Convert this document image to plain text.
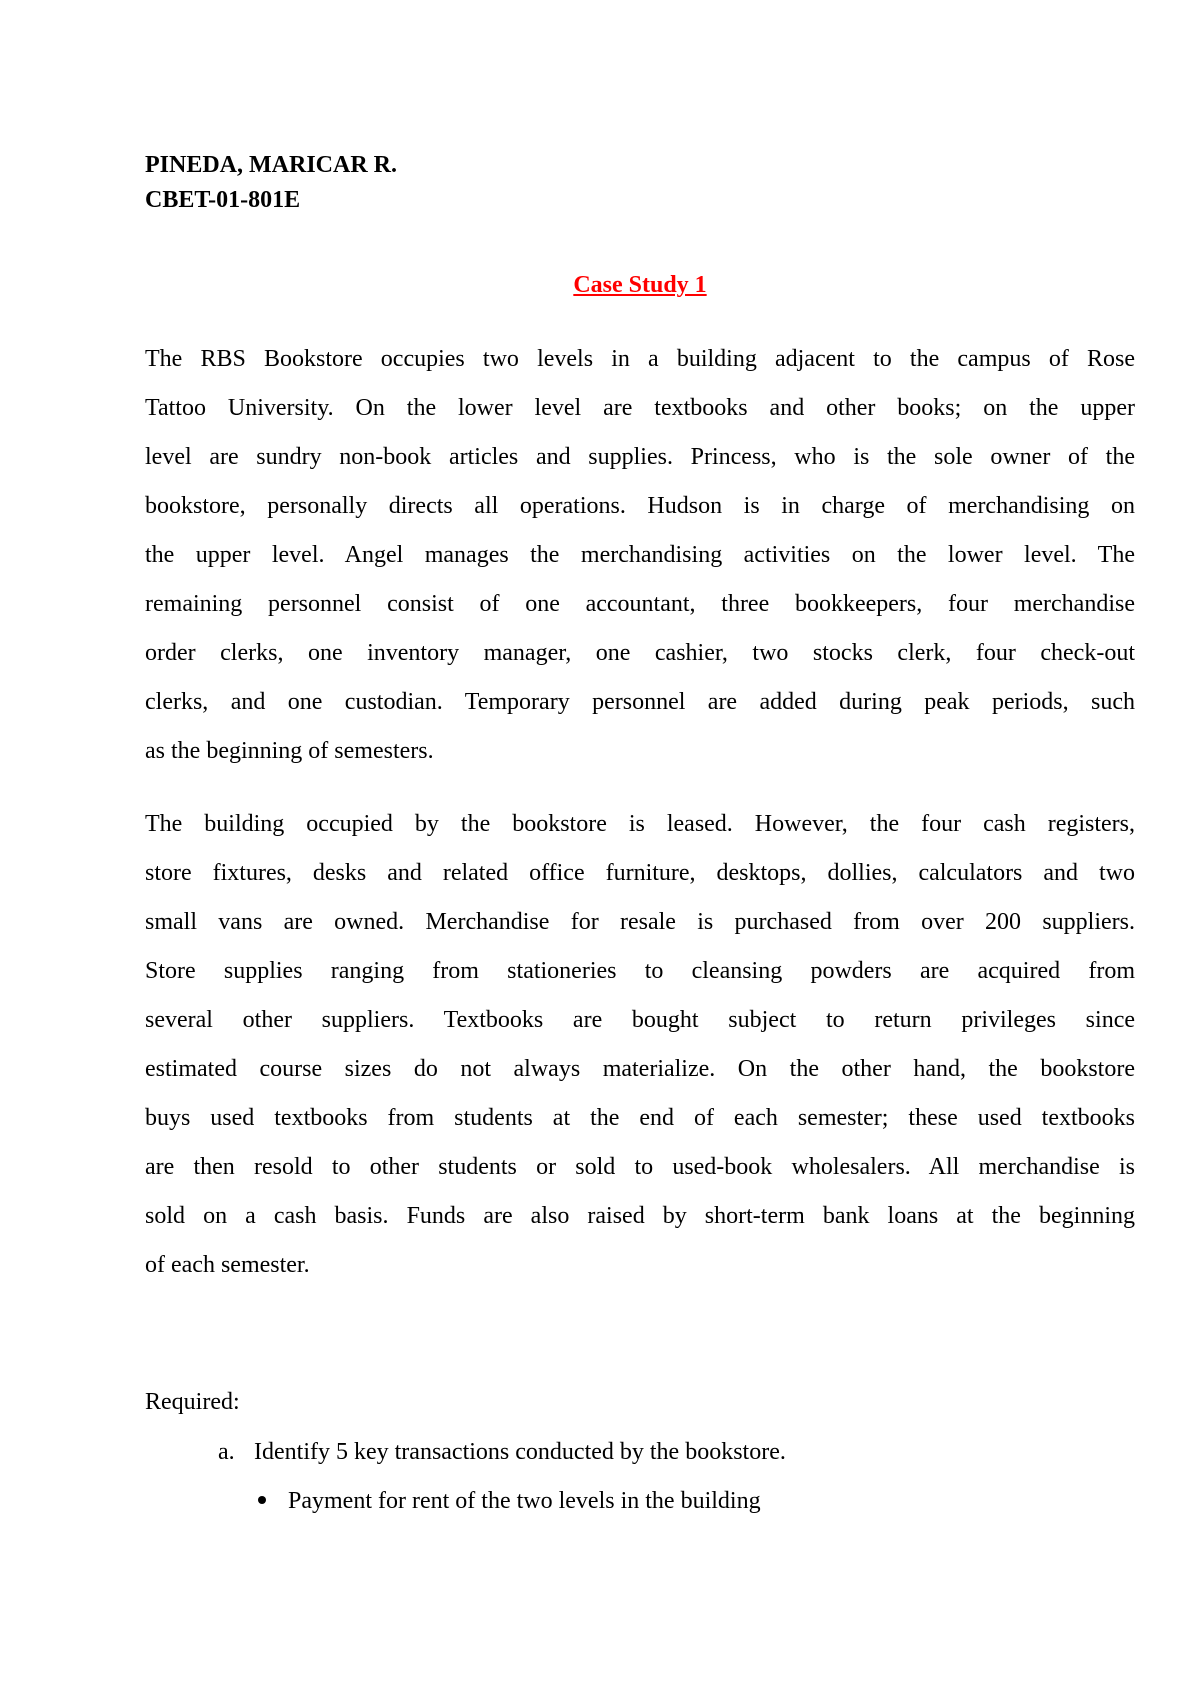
PINEDA, MARICAR R.
CBET-01-801E
Case Study 1
The RBS Bookstore occupies two levels in a building adjacent to the campus of Rose
Tattoo University. On the lower level are textbooks and other books; on the upper
level are sundry non-book articles and supplies. Princess, who is the sole owner of the
bookstore, personally directs all operations. Hudson is in charge of merchandising on
the upper level. Angel manages the merchandising activities on the lower level. The
remaining personnel consist of one accountant, three bookkeepers, four merchandise
order clerks, one inventory manager, one cashier, two stocks clerk, four check-out
clerks, and one custodian. Temporary personnel are added during peak periods, such
as the beginning of semesters.
The building occupied by the bookstore is leased. However, the four cash registers,
store fixtures, desks and related office furniture, desktops, dollies, calculators and two
small vans are owned. Merchandise for resale is purchased from over 200 suppliers.
Store supplies ranging from stationeries to cleansing powders are acquired from
several other suppliers. Textbooks are bought subject to return privileges since
estimated course sizes do not always materialize. On the other hand, the bookstore
buys used textbooks from students at the end of each semester; these used textbooks
are then resold to other students or sold to used-book wholesalers. All merchandise is
sold on a cash basis. Funds are also raised by short-term bank loans at the beginning
of each semester.
Required:
a. Identify 5 key transactions conducted by the bookstore.
Payment for rent of the two levels in the building
